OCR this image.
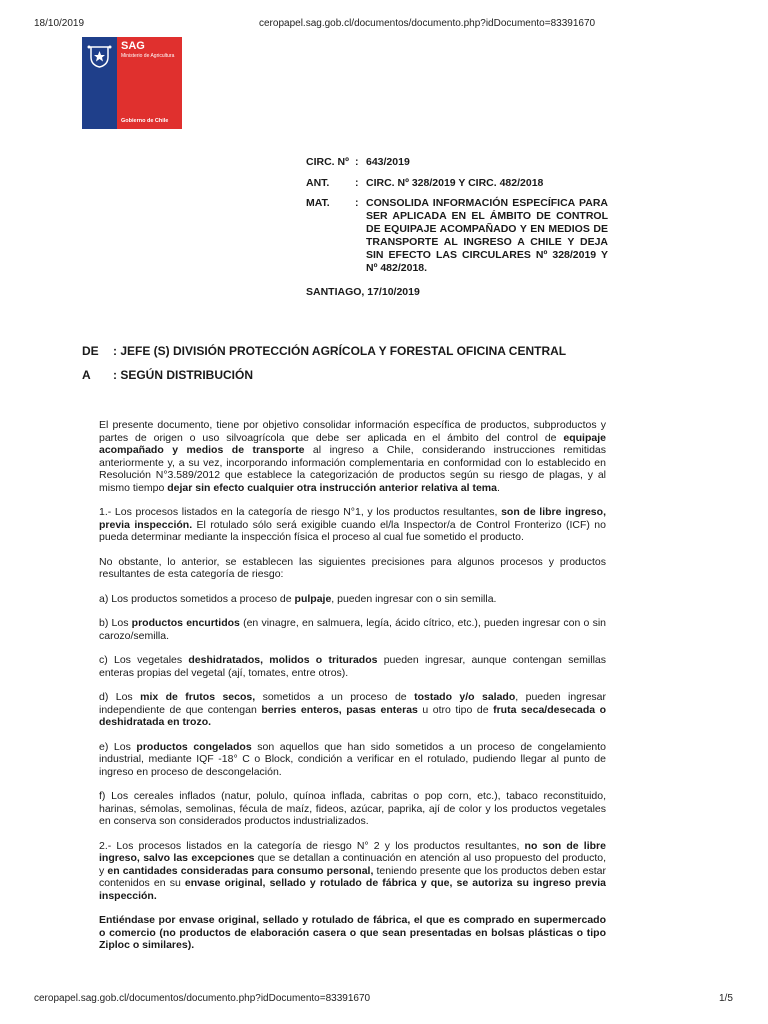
18/10/2019	ceropapel.sag.gob.cl/documentos/documento.php?idDocumento=83391670
SAG
Ministerio de Agricultura
Gobierno de Chile
CIRC. Nº : 643/2019
ANT.	: CIRC. Nº 328/2019 Y CIRC. 482/2018
MAT.	: CONSOLIDA INFORMACIÓN ESPECÍFICA PARA SER APLICADA EN EL ÁMBITO DE CONTROL DE EQUIPAJE ACOMPAÑADO Y EN MEDIOS DE TRANSPORTE AL INGRESO A CHILE Y DEJA SIN EFECTO LAS CIRCULARES Nº 328/2019 Y Nº 482/2018.
SANTIAGO, 17/10/2019
DE : JEFE (S) DIVISIÓN PROTECCIÓN AGRÍCOLA Y FORESTAL OFICINA CENTRAL
A : SEGÚN DISTRIBUCIÓN

El presente documento, tiene por objetivo consolidar información específica de productos, subproductos y partes de origen o uso silvoagrícola que debe ser aplicada en el ámbito del control de equipaje acompañado y medios de transporte al ingreso a Chile, considerando instrucciones remitidas anteriormente y, a su vez, incorporando información complementaria en conformidad con lo establecido en Resolución N°3.589/2012 que establece la categorización de productos según su riesgo de plagas, y al mismo tiempo dejar sin efecto cualquier otra instrucción anterior relativa al tema.

1.- Los procesos listados en la categoría de riesgo N°1, y los productos resultantes, son de libre ingreso, previa inspección. El rotulado sólo será exigible cuando el/la Inspector/a de Control Fronterizo (ICF) no pueda determinar mediante la inspección física el proceso al cual fue sometido el producto.

No obstante, lo anterior, se establecen las siguientes precisiones para algunos procesos y productos resultantes de esta categoría de riesgo:

a) Los productos sometidos a proceso de pulpaje, pueden ingresar con o sin semilla.

b) Los productos encurtidos (en vinagre, en salmuera, legía, ácido cítrico, etc.), pueden ingresar con o sin carozo/semilla.

c) Los vegetales deshidratados, molidos o triturados pueden ingresar, aunque contengan semillas enteras propias del vegetal (ají, tomates, entre otros).

d) Los mix de frutos secos, sometidos a un proceso de tostado y/o salado, pueden ingresar independiente de que contengan berries enteros, pasas enteras u otro tipo de fruta seca/desecada o deshidratada en trozo.

e) Los productos congelados son aquellos que han sido sometidos a un proceso de congelamiento industrial, mediante IQF -18° C o Block, condición a verificar en el rotulado, pudiendo llegar al punto de ingreso en proceso de descongelación.

f) Los cereales inflados (natur, polulo, quínoa inflada, cabritas o pop corn, etc.), tabaco reconstituido, harinas, sémolas, semolinas, fécula de maíz, fideos, azúcar, paprika, ají de color y los productos vegetales en conserva son considerados productos industrializados.

2.- Los procesos listados en la categoría de riesgo N° 2 y los productos resultantes, no son de libre ingreso, salvo las excepciones que se detallan a continuación en atención al uso propuesto del producto, y en cantidades consideradas para consumo personal, teniendo presente que los productos deben estar contenidos en su envase original, sellado y rotulado de fábrica y que, se autoriza su ingreso previa inspección.

Entiéndase por envase original, sellado y rotulado de fábrica, el que es comprado en supermercado o comercio (no productos de elaboración casera o que sean presentadas en bolsas plásticas o tipo Ziploc o similares).

ceropapel.sag.gob.cl/documentos/documento.php?idDocumento=83391670	1/5
